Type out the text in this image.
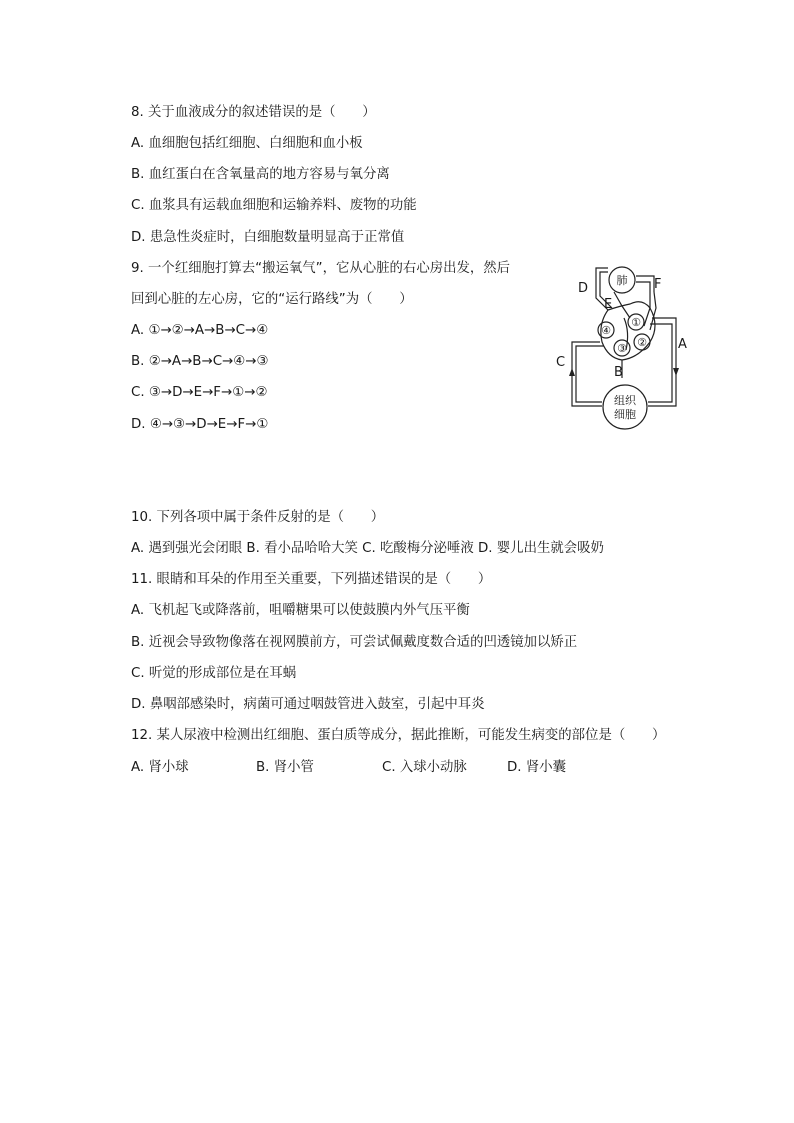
8. 关于血液成分的叙述错误的是（　　）
A. 血细胞包括红细胞、白细胞和血小板
B. 血红蛋白在含氧量高的地方容易与氧分离
C. 血浆具有运载血细胞和运输养料、废物的功能
D. 患急性炎症时，白细胞数量明显高于正常值
9. 一个红细胞打算去“搬运氧气”，它从心脏的右心房出发，然后
回到心脏的左心房，它的“运行路线”为（　　）
A. ①→②→A→B→C→④
B. ②→A→B→C→④→③
C. ③→D→E→F→①→②
D. ④→③→D→E→F→①
肺
组织
细胞
④
③
①
②
D
E
F
A
B
C
10. 下列各项中属于条件反射的是（　　）
A. 遇到强光会闭眼 B. 看小品哈哈大笑 C. 吃酸梅分泌唾液 D. 婴儿出生就会吸奶
11. 眼睛和耳朵的作用至关重要，下列描述错误的是（　　）
A. 飞机起飞或降落前，咀嚼糖果可以使鼓膜内外气压平衡
B. 近视会导致物像落在视网膜前方，可尝试佩戴度数合适的凹透镜加以矫正
C. 听觉的形成部位是在耳蜗
D. 鼻咽部感染时，病菌可通过咽鼓管进入鼓室，引起中耳炎
12. 某人尿液中检测出红细胞、蛋白质等成分，据此推断，可能发生病变的部位是（　　）
A. 肾小球	B. 肾小管	C. 入球小动脉	D. 肾小囊
